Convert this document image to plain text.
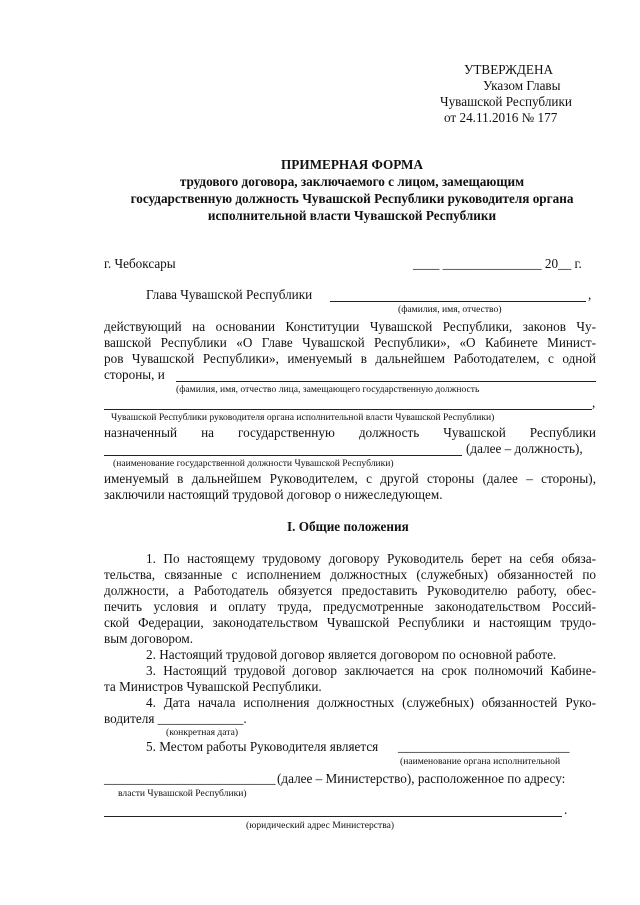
УТВЕРЖДЕНА
Указом Главы
Чувашской Республики
от 24.11.2016 № 177
ПРИМЕРНАЯ ФОРМА
трудового договора, заключаемого с лицом, замещающим
государственную должность Чувашской Республики руководителя органа
исполнительной власти Чувашской Республики
г. Чебоксары	____ _______________ 20__ г.
Глава Чувашской Республики	,
(фамилия, имя, отчество)
действующий на основании Конституции Чувашской Республики, законов Чу-
вашской Республики «О Главе Чувашской Республики», «О Кабинете Минист-
ров Чувашской Республики», именуемый в дальнейшем Работодателем, с одной
стороны, и
(фамилия, имя, отчество лица, замещающего государственную должность
,
Чувашской Республики руководителя органа исполнительной власти Чувашской Республики)
назначенный на государственную должность Чувашской Республики
(далее – должность),
(наименование государственной должности Чувашской Республики)
именуемый в дальнейшем Руководителем, с другой стороны (далее – стороны),
заключили настоящий трудовой договор о нижеследующем.
I. Общие положения
1. По настоящему трудовому договору Руководитель берет на себя обяза-
тельства, связанные с исполнением должностных (служебных) обязанностей по
должности, а Работодатель обязуется предоставить Руководителю работу, обес-
печить условия и оплату труда, предусмотренные законодательством Россий-
ской Федерации, законодательством Чувашской Республики и настоящим трудо-
вым договором.
2. Настоящий трудовой договор является договором по основной работе.
3. Настоящий трудовой договор заключается на срок полномочий Кабине-
та Министров Чувашской Республики.
4. Дата начала исполнения должностных (служебных) обязанностей Руко-
водителя _____________.
(конкретная дата)
5. Местом работы Руководителя является __________________________
(наименование органа исполнительной
__________________________ (далее – Министерство), расположенное по адресу:
власти Чувашской Республики)
.
(юридический адрес Министерства)
